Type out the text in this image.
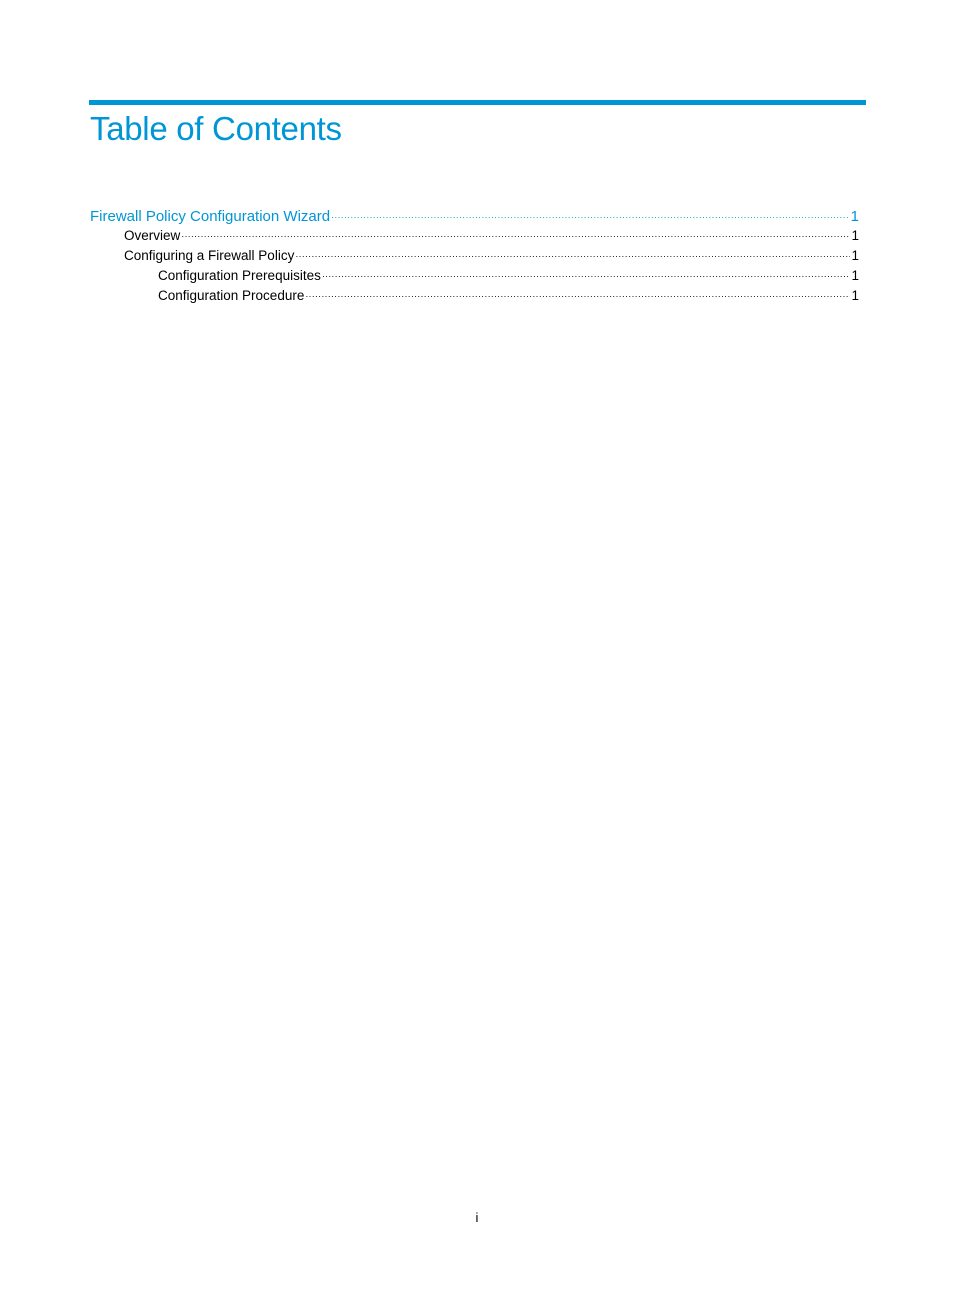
Table of Contents
Firewall Policy Configuration Wizard ·····	1
Overview ·····	1
Configuring a Firewall Policy ·····	1
Configuration Prerequisites ·····	1
Configuration Procedure ·····	1
i
